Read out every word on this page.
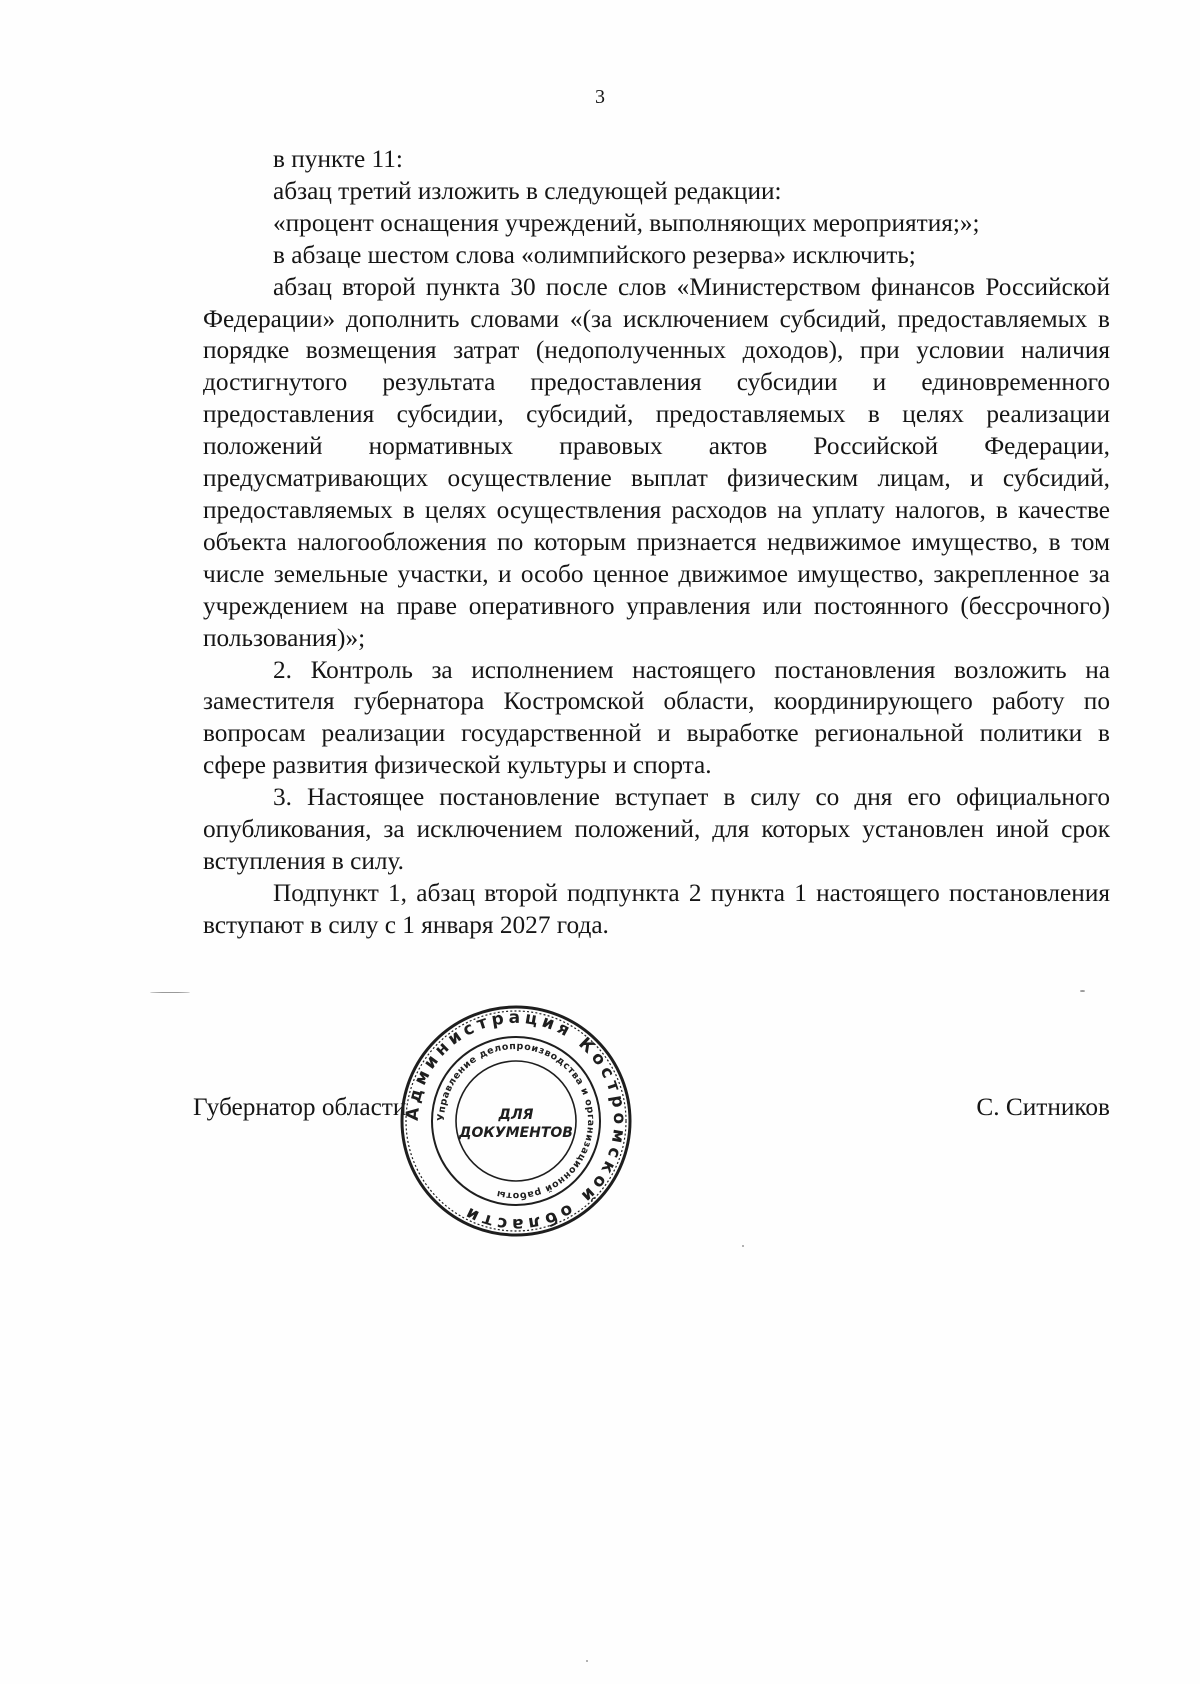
3

в пункте 11:

абзац третий изложить в следующей редакции:

«процент оснащения учреждений, выполняющих мероприятия;»;

в абзаце шестом слова «олимпийского резерва» исключить;

абзац второй пункта 30 после слов «Министерством финансов Российской Федерации» дополнить словами «(за исключением субсидий, предоставляемых в порядке возмещения затрат (недополученных доходов), при условии наличия достигнутого результата предоставления субсидии и единовременного предоставления субсидии, субсидий, предоставляемых в целях реализации положений нормативных правовых актов Российской Федерации, предусматривающих осуществление выплат физическим лицам, и субсидий, предоставляемых в целях осуществления расходов на уплату налогов, в качестве объекта налогообложения по которым признается недвижимое имущество, в том числе земельные участки, и особо ценное движимое имущество, закрепленное за учреждением на праве оперативного управления или постоянного (бессрочного) пользования)»;

2. Контроль за исполнением настоящего постановления возложить на заместителя губернатора Костромской области, координирующего работу по вопросам реализации государственной и выработке региональной политики в сфере развития физической культуры и спорта.

3. Настоящее постановление вступает в силу со дня его официального опубликования, за исключением положений, для которых установлен иной срок вступления в силу.

Подпункт 1, абзац второй подпункта 2 пункта 1 настоящего постановления вступают в силу с 1 января 2027 года.

Губернатор области	С. Ситников
Администрация Костромской области
Управление делопроизводства и организационной работы
ДЛЯ
ДОКУМЕНТОВ
